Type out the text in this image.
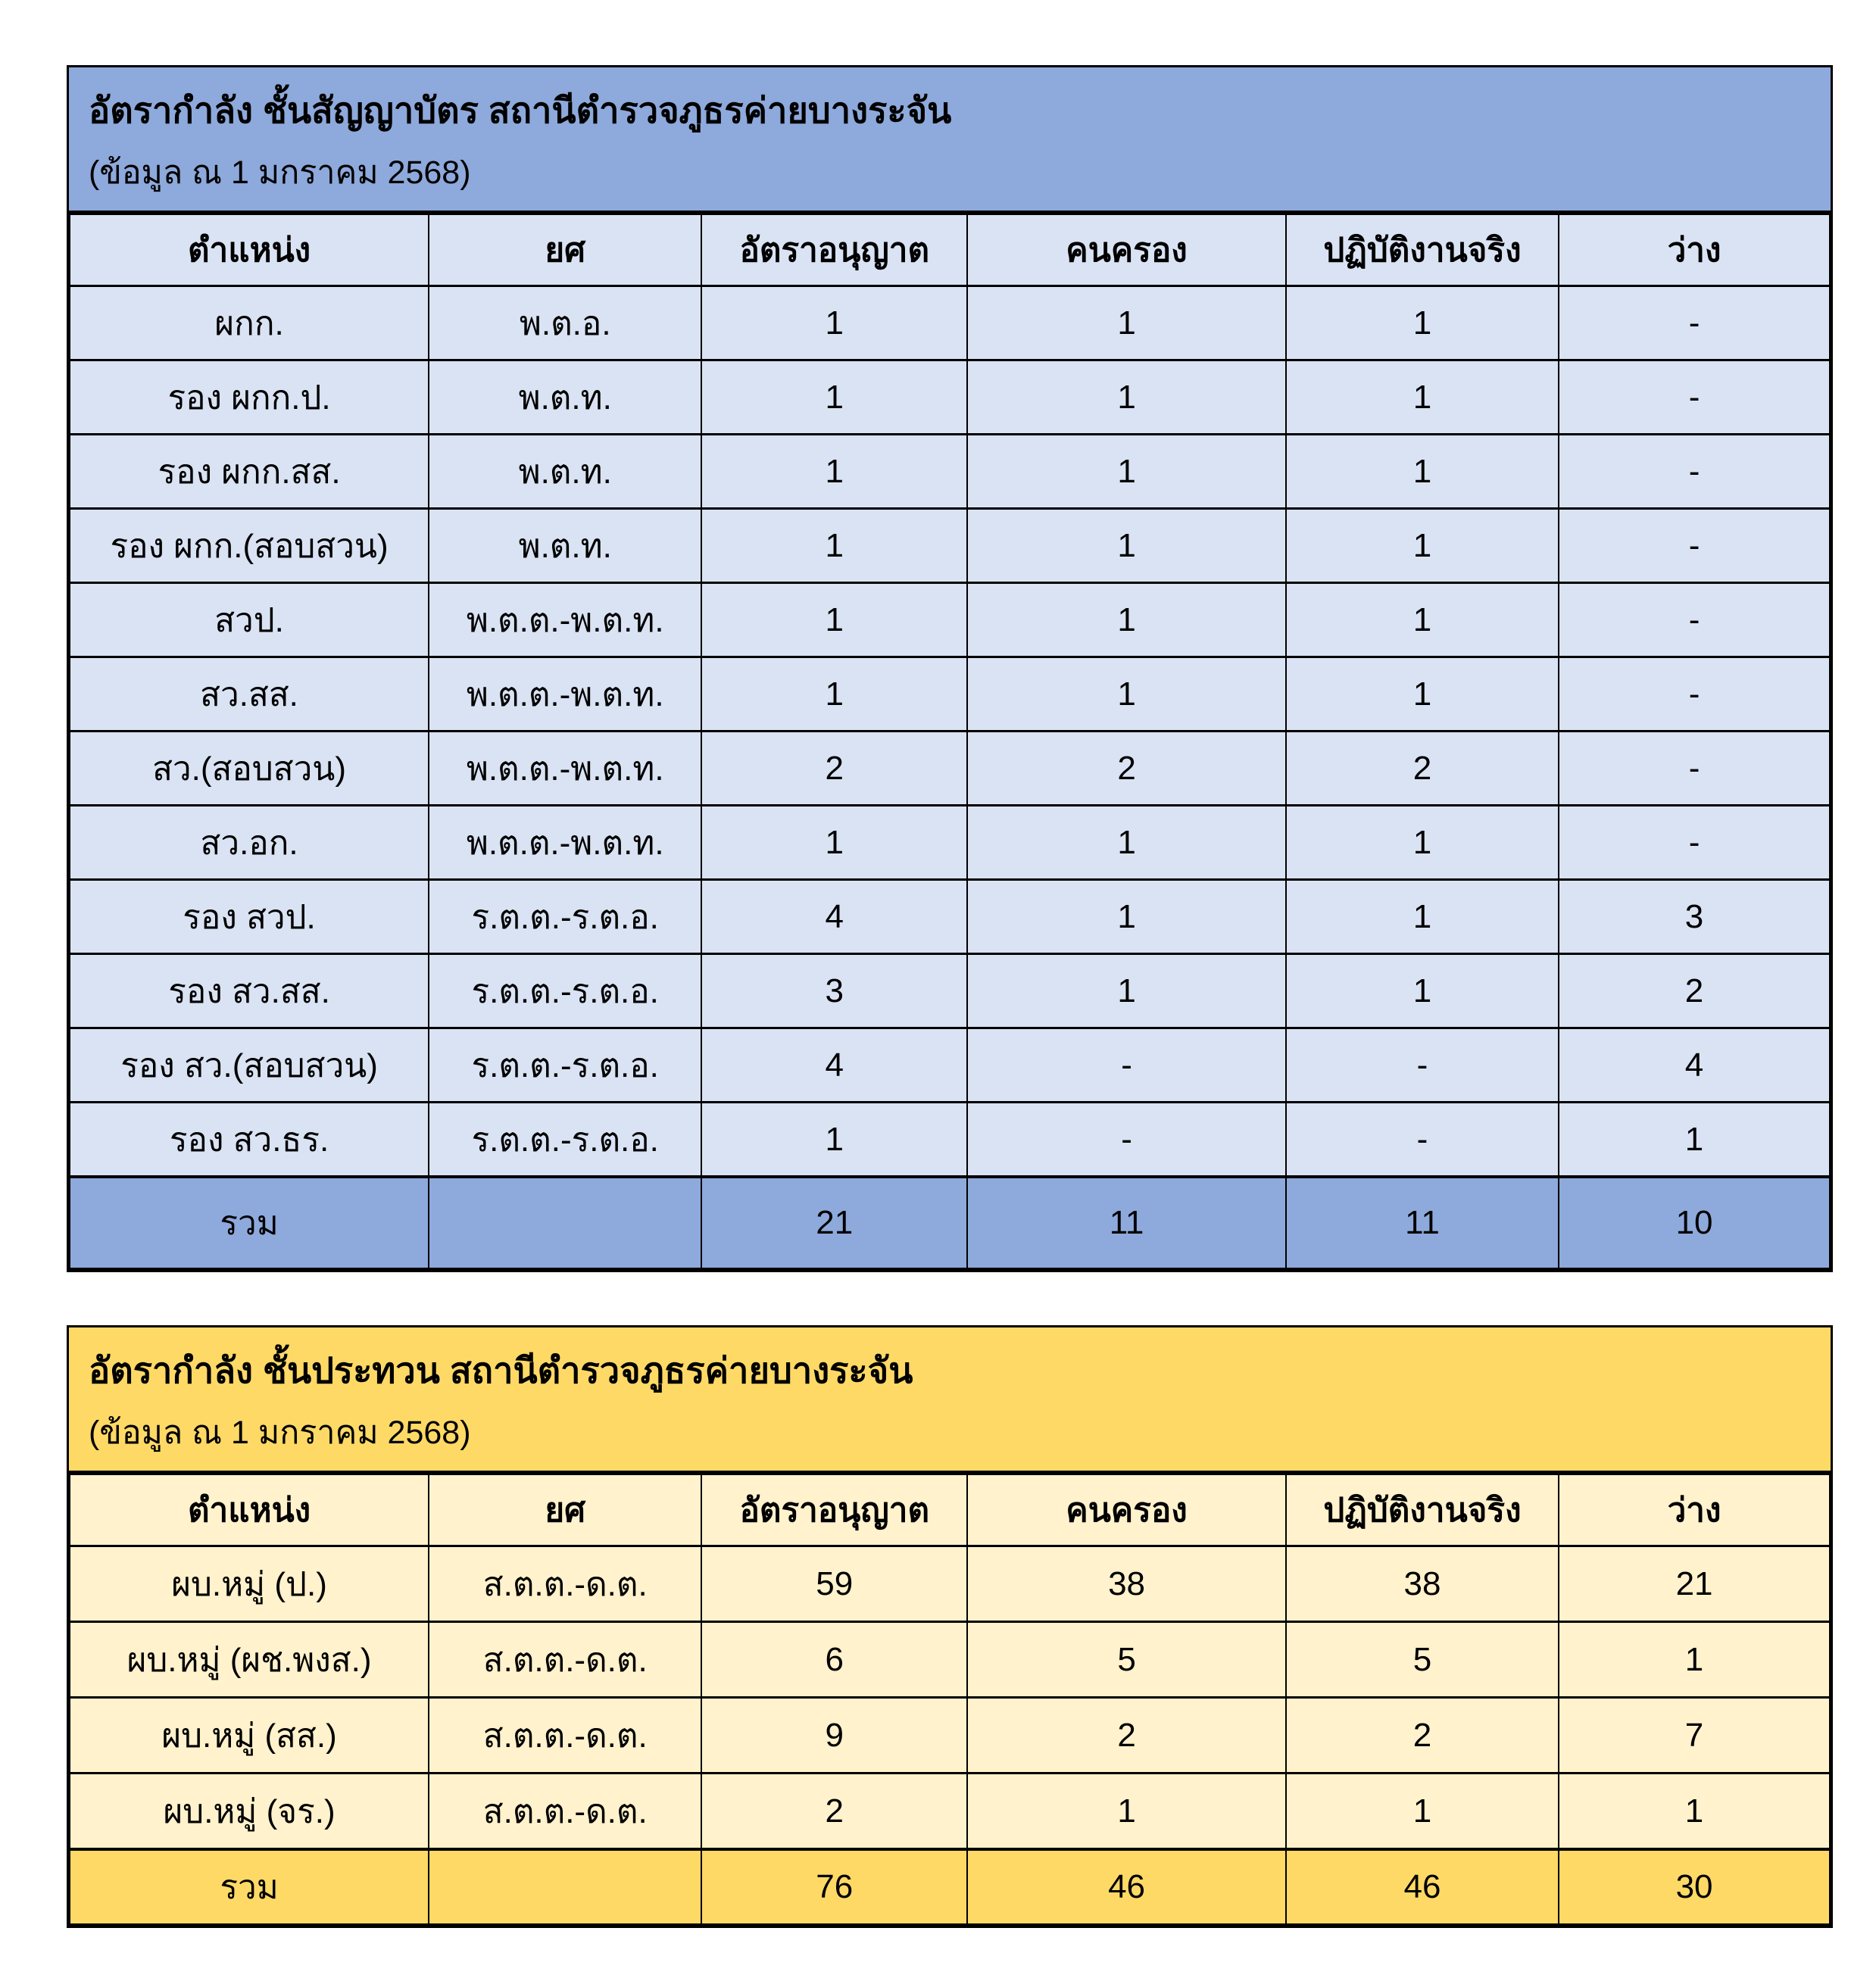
อัตรากำลัง ชั้นสัญญาบัตร สถานีตำรวจภูธรค่ายบางระจัน
(ข้อมูล ณ 1 มกราคม 2568)
ตำแหน่ง	ยศ	อัตราอนุญาต	คนครอง	ปฏิบัติงานจริง	ว่าง
ผกก.	พ.ต.อ.	1	1	1	-
รอง ผกก.ป.	พ.ต.ท.	1	1	1	-
รอง ผกก.สส.	พ.ต.ท.	1	1	1	-
รอง ผกก.(สอบสวน)	พ.ต.ท.	1	1	1	-
สวป.	พ.ต.ต.-พ.ต.ท.	1	1	1	-
สว.สส.	พ.ต.ต.-พ.ต.ท.	1	1	1	-
สว.(สอบสวน)	พ.ต.ต.-พ.ต.ท.	2	2	2	-
สว.อก.	พ.ต.ต.-พ.ต.ท.	1	1	1	-
รอง สวป.	ร.ต.ต.-ร.ต.อ.	4	1	1	3
รอง สว.สส.	ร.ต.ต.-ร.ต.อ.	3	1	1	2
รอง สว.(สอบสวน)	ร.ต.ต.-ร.ต.อ.	4	-	-	4
รอง สว.ธร.	ร.ต.ต.-ร.ต.อ.	1	-	-	1
รวม		21	11	11	10
อัตรากำลัง ชั้นประทวน สถานีตำรวจภูธรค่ายบางระจัน
(ข้อมูล ณ 1 มกราคม 2568)
ตำแหน่ง	ยศ	อัตราอนุญาต	คนครอง	ปฏิบัติงานจริง	ว่าง
ผบ.หมู่ (ป.)	ส.ต.ต.-ด.ต.	59	38	38	21
ผบ.หมู่ (ผช.พงส.)	ส.ต.ต.-ด.ต.	6	5	5	1
ผบ.หมู่ (สส.)	ส.ต.ต.-ด.ต.	9	2	2	7
ผบ.หมู่ (จร.)	ส.ต.ต.-ด.ต.	2	1	1	1
รวม		76	46	46	30
